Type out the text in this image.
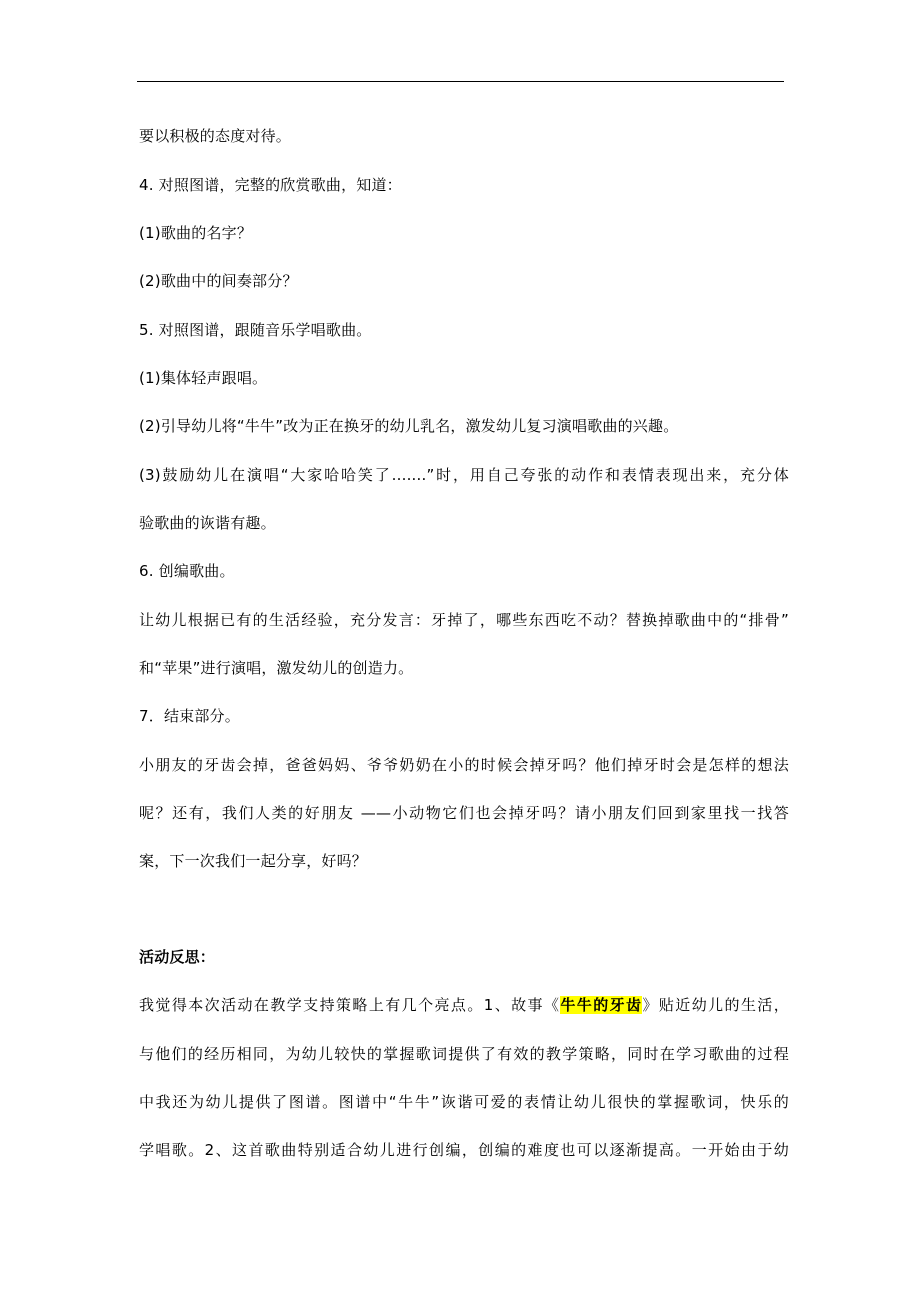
要以积极的态度对待。
4. 对照图谱，完整的欣赏歌曲，知道：
(1)歌曲的名字？
(2)歌曲中的间奏部分？
5. 对照图谱，跟随音乐学唱歌曲。
(1)集体轻声跟唱。
(2)引导幼儿将“牛牛”改为正在换牙的幼儿乳名，激发幼儿复习演唱歌曲的兴趣。
(3)鼓励幼儿在演唱“大家哈哈笑了.......”时，用自己夸张的动作和表情表现出来，充分体
验歌曲的诙谐有趣。
6. 创编歌曲。
让幼儿根据已有的生活经验，充分发言：牙掉了，哪些东西吃不动？替换掉歌曲中的“排骨”
和“苹果”进行演唱，激发幼儿的创造力。
7．结束部分。
小朋友的牙齿会掉，爸爸妈妈、爷爷奶奶在小的时候会掉牙吗？他们掉牙时会是怎样的想法
呢？还有，我们人类的好朋友 ——小动物它们也会掉牙吗？请小朋友们回到家里找一找答
案，下一次我们一起分享，好吗？
活动反思：
我觉得本次活动在教学支持策略上有几个亮点。1、故事《牛牛的牙齿》贴近幼儿的生活，
与他们的经历相同，为幼儿较快的掌握歌词提供了有效的教学策略，同时在学习歌曲的过程
中我还为幼儿提供了图谱。图谱中“牛牛”诙谐可爱的表情让幼儿很快的掌握歌词，快乐的
学唱歌。2、这首歌曲特别适合幼儿进行创编，创编的难度也可以逐渐提高。一开始由于幼
